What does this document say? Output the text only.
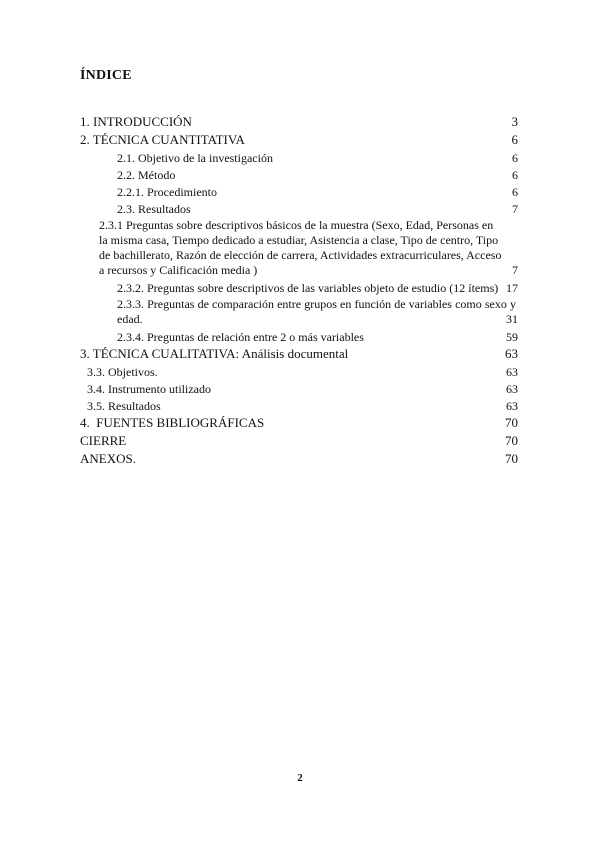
ÍNDICE
1. INTRODUCCIÓN	3
2. TÉCNICA CUANTITATIVA	6
2.1. Objetivo de la investigación	6
2.2. Método	6
2.2.1. Procedimiento	6
2.3. Resultados	7
2.3.1 Preguntas sobre descriptivos básicos de la muestra (Sexo, Edad, Personas en la misma casa, Tiempo dedicado a estudiar, Asistencia a clase, Tipo de centro, Tipo de bachillerato, Razón de elección de carrera, Actividades extracurriculares, Acceso a recursos y Calificación media )	7
2.3.2. Preguntas sobre descriptivos de las variables objeto de estudio (12 ítems) 17
2.3.3. Preguntas de comparación entre grupos en función de variables como sexo y edad.	31
2.3.4. Preguntas de relación entre 2 o más variables	59
3. TÉCNICA CUALITATIVA: Análisis documental	63
3.3. Objetivos.	63
3.4. Instrumento utilizado	63
3.5. Resultados	63
4.  FUENTES BIBLIOGRÁFICAS	70
CIERRE	70
ANEXOS.	70
2
